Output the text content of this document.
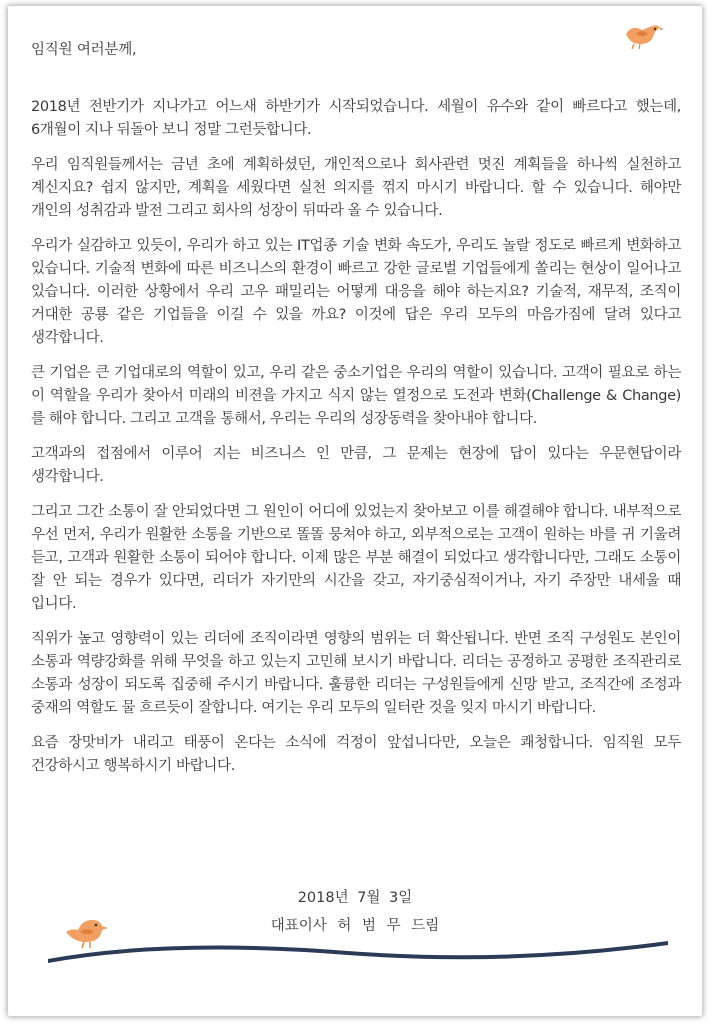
임직원 여러분께,

2018년 전반기가 지나가고 어느새 하반기가 시작되었습니다. 세월이 유수와 같이 빠르다고 했는데, 6개월이 지나 뒤돌아 보니 정말 그런듯합니다.

우리 임직원들께서는 금년 초에 계획하셨던, 개인적으로나 회사관련 멋진 계획들을 하나씩 실천하고 계신지요? 쉽지 않지만, 계획을 세웠다면 실천 의지를 꺾지 마시기 바랍니다. 할 수 있습니다. 해야만 개인의 성취감과 발전 그리고 회사의 성장이 뒤따라 올 수 있습니다.

우리가 실감하고 있듯이, 우리가 하고 있는 IT업종 기술 변화 속도가, 우리도 놀랄 정도로 빠르게 변화하고 있습니다. 기술적 변화에 따른 비즈니스의 환경이 빠르고 강한 글로벌 기업들에게 쏠리는 현상이 일어나고 있습니다. 이러한 상황에서 우리 고우 패밀리는 어떻게 대응을 해야 하는지요? 기술적, 재무적, 조직이 거대한 공룡 같은 기업들을 이길 수 있을 까요? 이것에 답은 우리 모두의 마음가짐에 달려 있다고 생각합니다.

큰 기업은 큰 기업대로의 역할이 있고, 우리 같은 중소기업은 우리의 역할이 있습니다. 고객이 필요로 하는 이 역할을 우리가 찾아서 미래의 비젼을 가지고 식지 않는 열정으로 도전과 변화(Challenge & Change)를 해야 합니다. 그리고 고객을 통해서, 우리는 우리의 성장동력을 찾아내야 합니다.

고객과의 접점에서 이루어 지는 비즈니스 인 만큼, 그 문제는 현장에 답이 있다는 우문현답이라 생각합니다.

그리고 그간 소통이 잘 안되었다면 그 원인이 어디에 있었는지 찾아보고 이를 해결해야 합니다. 내부적으로 우선 먼저, 우리가 원활한 소통을 기반으로 똘똘 뭉쳐야 하고, 외부적으로는 고객이 원하는 바를 귀 기울려 듣고, 고객과 원활한 소통이 되어야 합니다. 이제 많은 부분 해결이 되었다고 생각합니다만, 그래도 소통이 잘 안 되는 경우가 있다면, 리더가 자기만의 시간을 갖고, 자기중심적이거나, 자기 주장만 내세울 때 입니다.

직위가 높고 영향력이 있는 리더에 조직이라면 영향의 범위는 더 확산됩니다. 반면 조직 구성원도 본인이 소통과 역량강화를 위해 무엇을 하고 있는지 고민해 보시기 바랍니다. 리더는 공정하고 공평한 조직관리로 소통과 성장이 되도록 집중해 주시기 바랍니다. 훌륭한 리더는 구성원들에게 신망 받고, 조직간에 조정과 중재의 역할도 물 흐르듯이 잘합니다. 여기는 우리 모두의 일터란 것을 잊지 마시기 바랍니다.

요즘 장맛비가 내리고 태풍이 온다는 소식에 걱정이 앞섭니다만, 오늘은 쾌청합니다. 임직원 모두 건강하시고 행복하시기 바랍니다.

2018년 7월 3일
대표이사 허 범 무 드림
